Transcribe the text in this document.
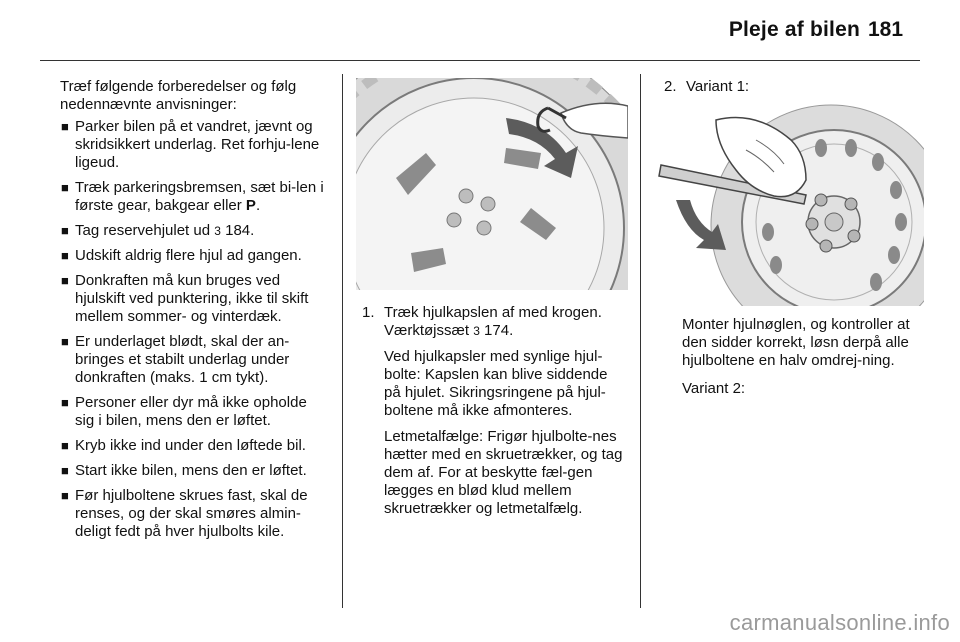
Pleje af bilen 181

Træf følgende forberedelser og følg nedennævnte anvisninger:

■ Parker bilen på et vandret, jævnt og skridsikkert underlag. Ret forhju-lene ligeud.
■ Træk parkeringsbremsen, sæt bi-len i første gear, bakgear eller P.
■ Tag reservehjulet ud 3 184.
■ Udskift aldrig flere hjul ad gangen.
■ Donkraften må kun bruges ved hjulskift ved punktering, ikke til skift mellem sommer- og vinterdæk.
■ Er underlaget blødt, skal der an-bringes et stabilt underlag under donkraften (maks. 1 cm tykt).
■ Personer eller dyr må ikke opholde sig i bilen, mens den er løftet.
■ Kryb ikke ind under den løftede bil.
■ Start ikke bilen, mens den er løftet.
■ Før hjulboltene skrues fast, skal de renses, og der skal smøres almin-deligt fedt på hver hjulbolts kile.
1. Træk hjulkapslen af med krogen. Værktøjssæt 3 174.

Ved hjulkapsler med synlige hjul-bolte: Kapslen kan blive siddende på hjulet. Sikringsringene på hjul-boltene må ikke afmonteres.

Letmetalfælge: Frigør hjulbolte-nes hætter med en skruetrækker, og tag dem af. For at beskytte fæl-gen lægges en blød klud mellem skruetrækker og letmetalfælg.

2. Variant 1:

Monter hjulnøglen, og kontroller at den sidder korrekt, løsn derpå alle hjulboltene en halv omdrej-ning.

Variant 2:

carmanualsonline.info
